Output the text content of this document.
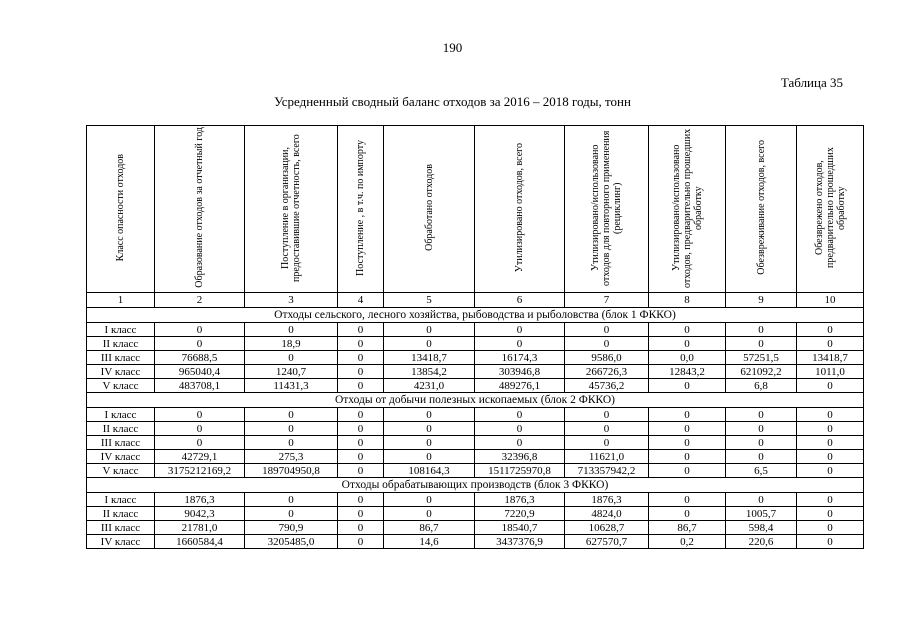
190
Таблица 35
Усредненный сводный баланс отходов за 2016 – 2018 годы, тонн
Класс опасности отходов	Образование отходов за отчетный год	Поступление в организации, предоставившие отчетность, всего	Поступление , в т.ч. по импорту	Обработано отходов	Утилизировано отходов, всего	Утилизировано/использовано отходов для повторного применения (рециклинг)	Утилизировано/использовано отходов, предварительно прошедших обработку	Обезвреживание отходов, всего	Обезврежено отходов, предварительно прошедших обработку
1	2	3	4	5	6	7	8	9	10
Отходы сельского, лесного хозяйства, рыбоводства и рыболовства (блок 1 ФККО)									
I класс	0	0	0	0	0	0	0	0	0
II класс	0	18,9	0	0	0	0	0	0	0
III класс	76688,5	0	0	13418,7	16174,3	9586,0	0,0	57251,5	13418,7
IV класс	965040,4	1240,7	0	13854,2	303946,8	266726,3	12843,2	621092,2	1011,0
V класс	483708,1	11431,3	0	4231,0	489276,1	45736,2	0	6,8	0
Отходы от добычи полезных ископаемых (блок 2 ФККО)									
I класс	0	0	0	0	0	0	0	0	0
II класс	0	0	0	0	0	0	0	0	0
III класс	0	0	0	0	0	0	0	0	0
IV класс	42729,1	275,3	0	0	32396,8	11621,0	0	0	0
V класс	3175212169,2	189704950,8	0	108164,3	1511725970,8	713357942,2	0	6,5	0
Отходы обрабатывающих производств (блок 3 ФККО)									
I класс	1876,3	0	0	0	1876,3	1876,3	0	0	0
II класс	9042,3	0	0	0	7220,9	4824,0	0	1005,7	0
III класс	21781,0	790,9	0	86,7	18540,7	10628,7	86,7	598,4	0
IV класс	1660584,4	3205485,0	0	14,6	3437376,9	627570,7	0,2	220,6	0
